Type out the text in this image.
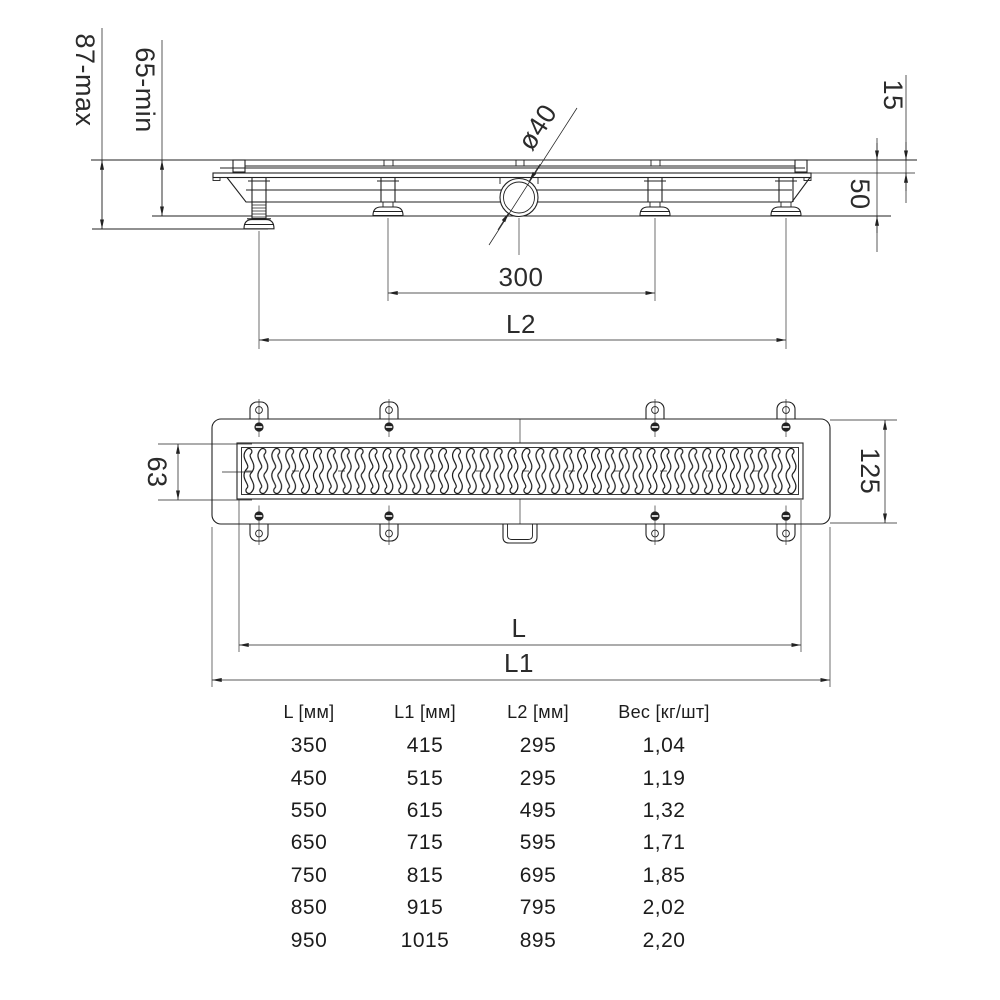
87-max 65-min	15
50
ø40
300
L2
63	125
L
L1
L [мм]	L1 [мм]	L2 [мм]	Вес [кг/шт]
350	415	295	1,04
450	515	295	1,19
550	615	495	1,32
650	715	595	1,71
750	815	695	1,85
850	915	795	2,02
950	1015	895	2,20
